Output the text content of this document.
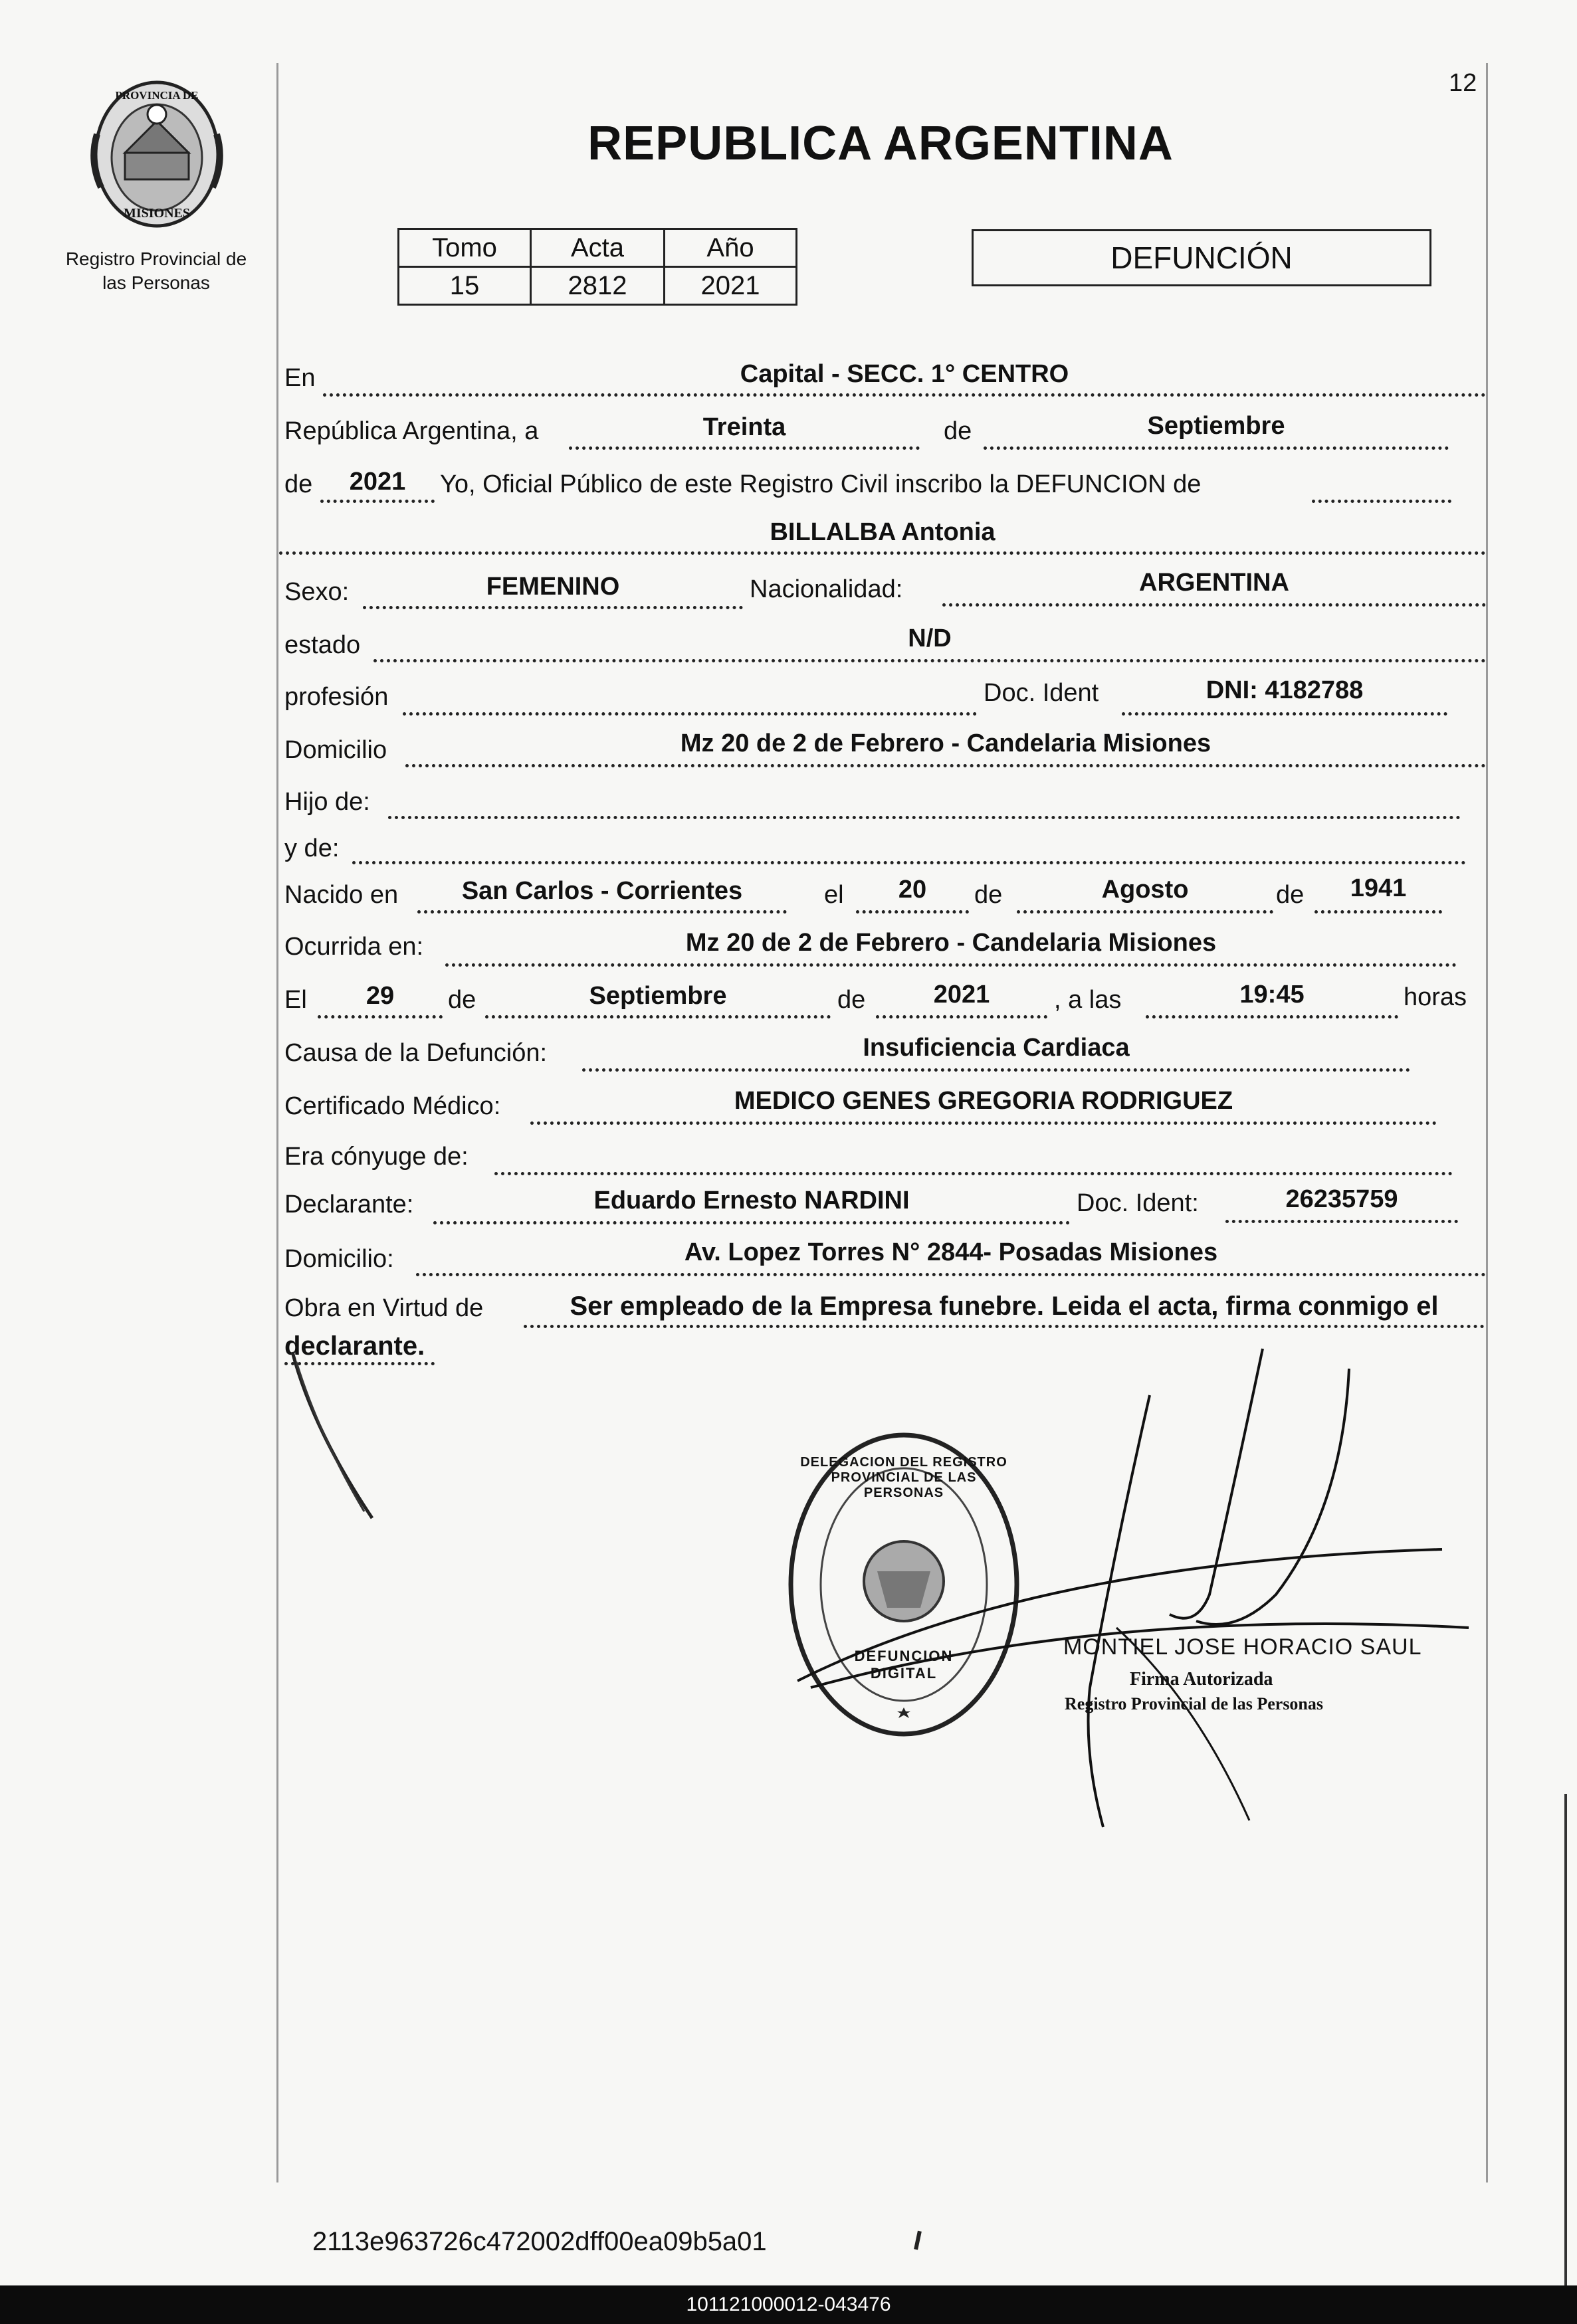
12
PROVINCIA DE
MISIONES
Registro Provincial de
las Personas
REPUBLICA ARGENTINA
Tomo	Acta	Año
15	2812	2021
DEFUNCIÓN
En	Capital - SECC. 1° CENTRO
República Argentina, a	Treinta	de	Septiembre
de	2021	Yo, Oficial Público de este Registro Civil inscribo la DEFUNCION de
BILLALBA Antonia
Sexo:	FEMENINO	Nacionalidad:	ARGENTINA
estado	N/D
profesión	Doc. Ident	DNI: 4182788
Domicilio	Mz 20 de 2 de Febrero - Candelaria Misiones
Hijo de:
y de:
Nacido en	San Carlos - Corrientes	el	20	de	Agosto	de	1941
Ocurrida en:	Mz 20 de 2 de Febrero - Candelaria Misiones
El	29	de	Septiembre	de	2021	, a las	19:45	horas
Causa de la Defunción:	Insuficiencia Cardiaca
Certificado Médico:	MEDICO GENES GREGORIA RODRIGUEZ
Era cónyuge de:
Declarante:	Eduardo Ernesto NARDINI	Doc. Ident:	26235759
Domicilio:	Av. Lopez Torres N° 2844- Posadas Misiones
Obra en Virtud de	Ser empleado de la Empresa funebre. Leida el acta, firma conmigo el
declarante.
DELEGACION DEL REGISTRO PROVINCIAL DE LAS PERSONAS
DEFUNCION DIGITAL
MONTIEL JOSE HORACIO SAUL
Firma Autorizada
Registro Provincial de las Personas
2113e963726c472002dff00ea09b5a01
101121000012-043476
